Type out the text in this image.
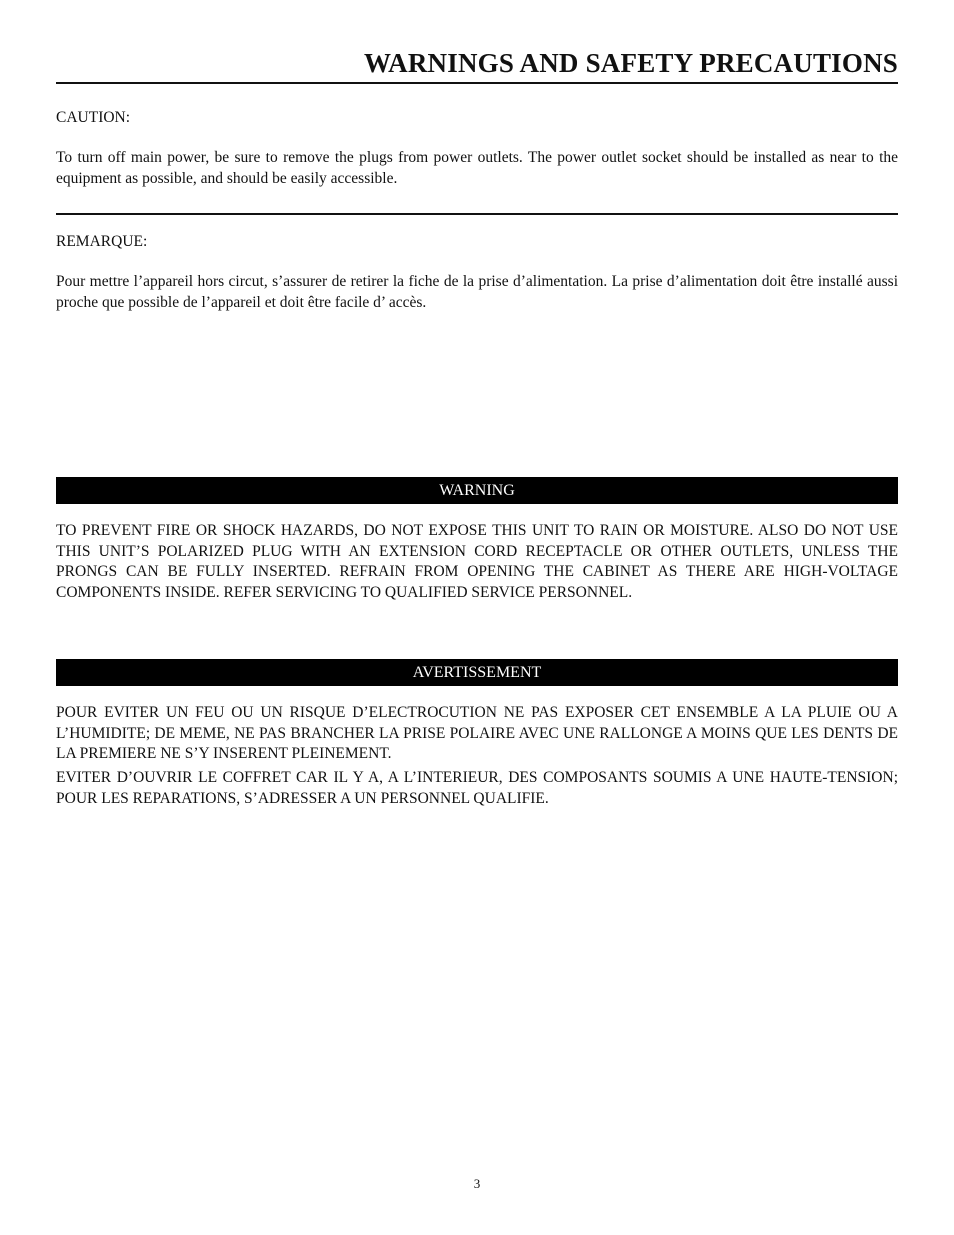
WARNINGS AND SAFETY PRECAUTIONS
CAUTION:
To turn off main power, be sure to remove the plugs from power outlets. The power outlet socket should be installed as near to the equipment as possible, and should be easily accessible.
REMARQUE:
Pour mettre l’appareil hors circut, s’assurer de retirer la fiche de la prise d’alimentation. La prise d’alimentation doit être installé aussi proche que possible de l’appareil et doit être facile d’ accès.
WARNING
TO PREVENT FIRE OR SHOCK HAZARDS, DO NOT EXPOSE THIS UNIT TO RAIN OR MOISTURE. ALSO DO NOT USE THIS UNIT’S POLARIZED PLUG WITH AN EXTENSION CORD RECEPTACLE OR OTHER OUTLETS, UNLESS THE PRONGS CAN BE FULLY INSERTED. REFRAIN FROM OPENING THE CABINET AS THERE ARE HIGH-VOLTAGE COMPONENTS INSIDE. REFER SERVICING TO QUALIFIED SERVICE PERSONNEL.
AVERTISSEMENT
POUR EVITER UN FEU OU UN RISQUE D’ELECTROCUTION NE PAS EXPOSER CET ENSEMBLE A LA PLUIE OU A L’HUMIDITE; DE MEME, NE PAS BRANCHER LA PRISE POLAIRE AVEC UNE RALLONGE A MOINS QUE LES DENTS DE LA PREMIERE NE S’Y INSERENT PLEINEMENT.
EVITER D’OUVRIR LE COFFRET CAR IL Y A, A L’INTERIEUR, DES COMPOSANTS SOUMIS A UNE HAUTE-TENSION; POUR LES REPARATIONS, S’ADRESSER A UN PERSONNEL QUALIFIE.
3
